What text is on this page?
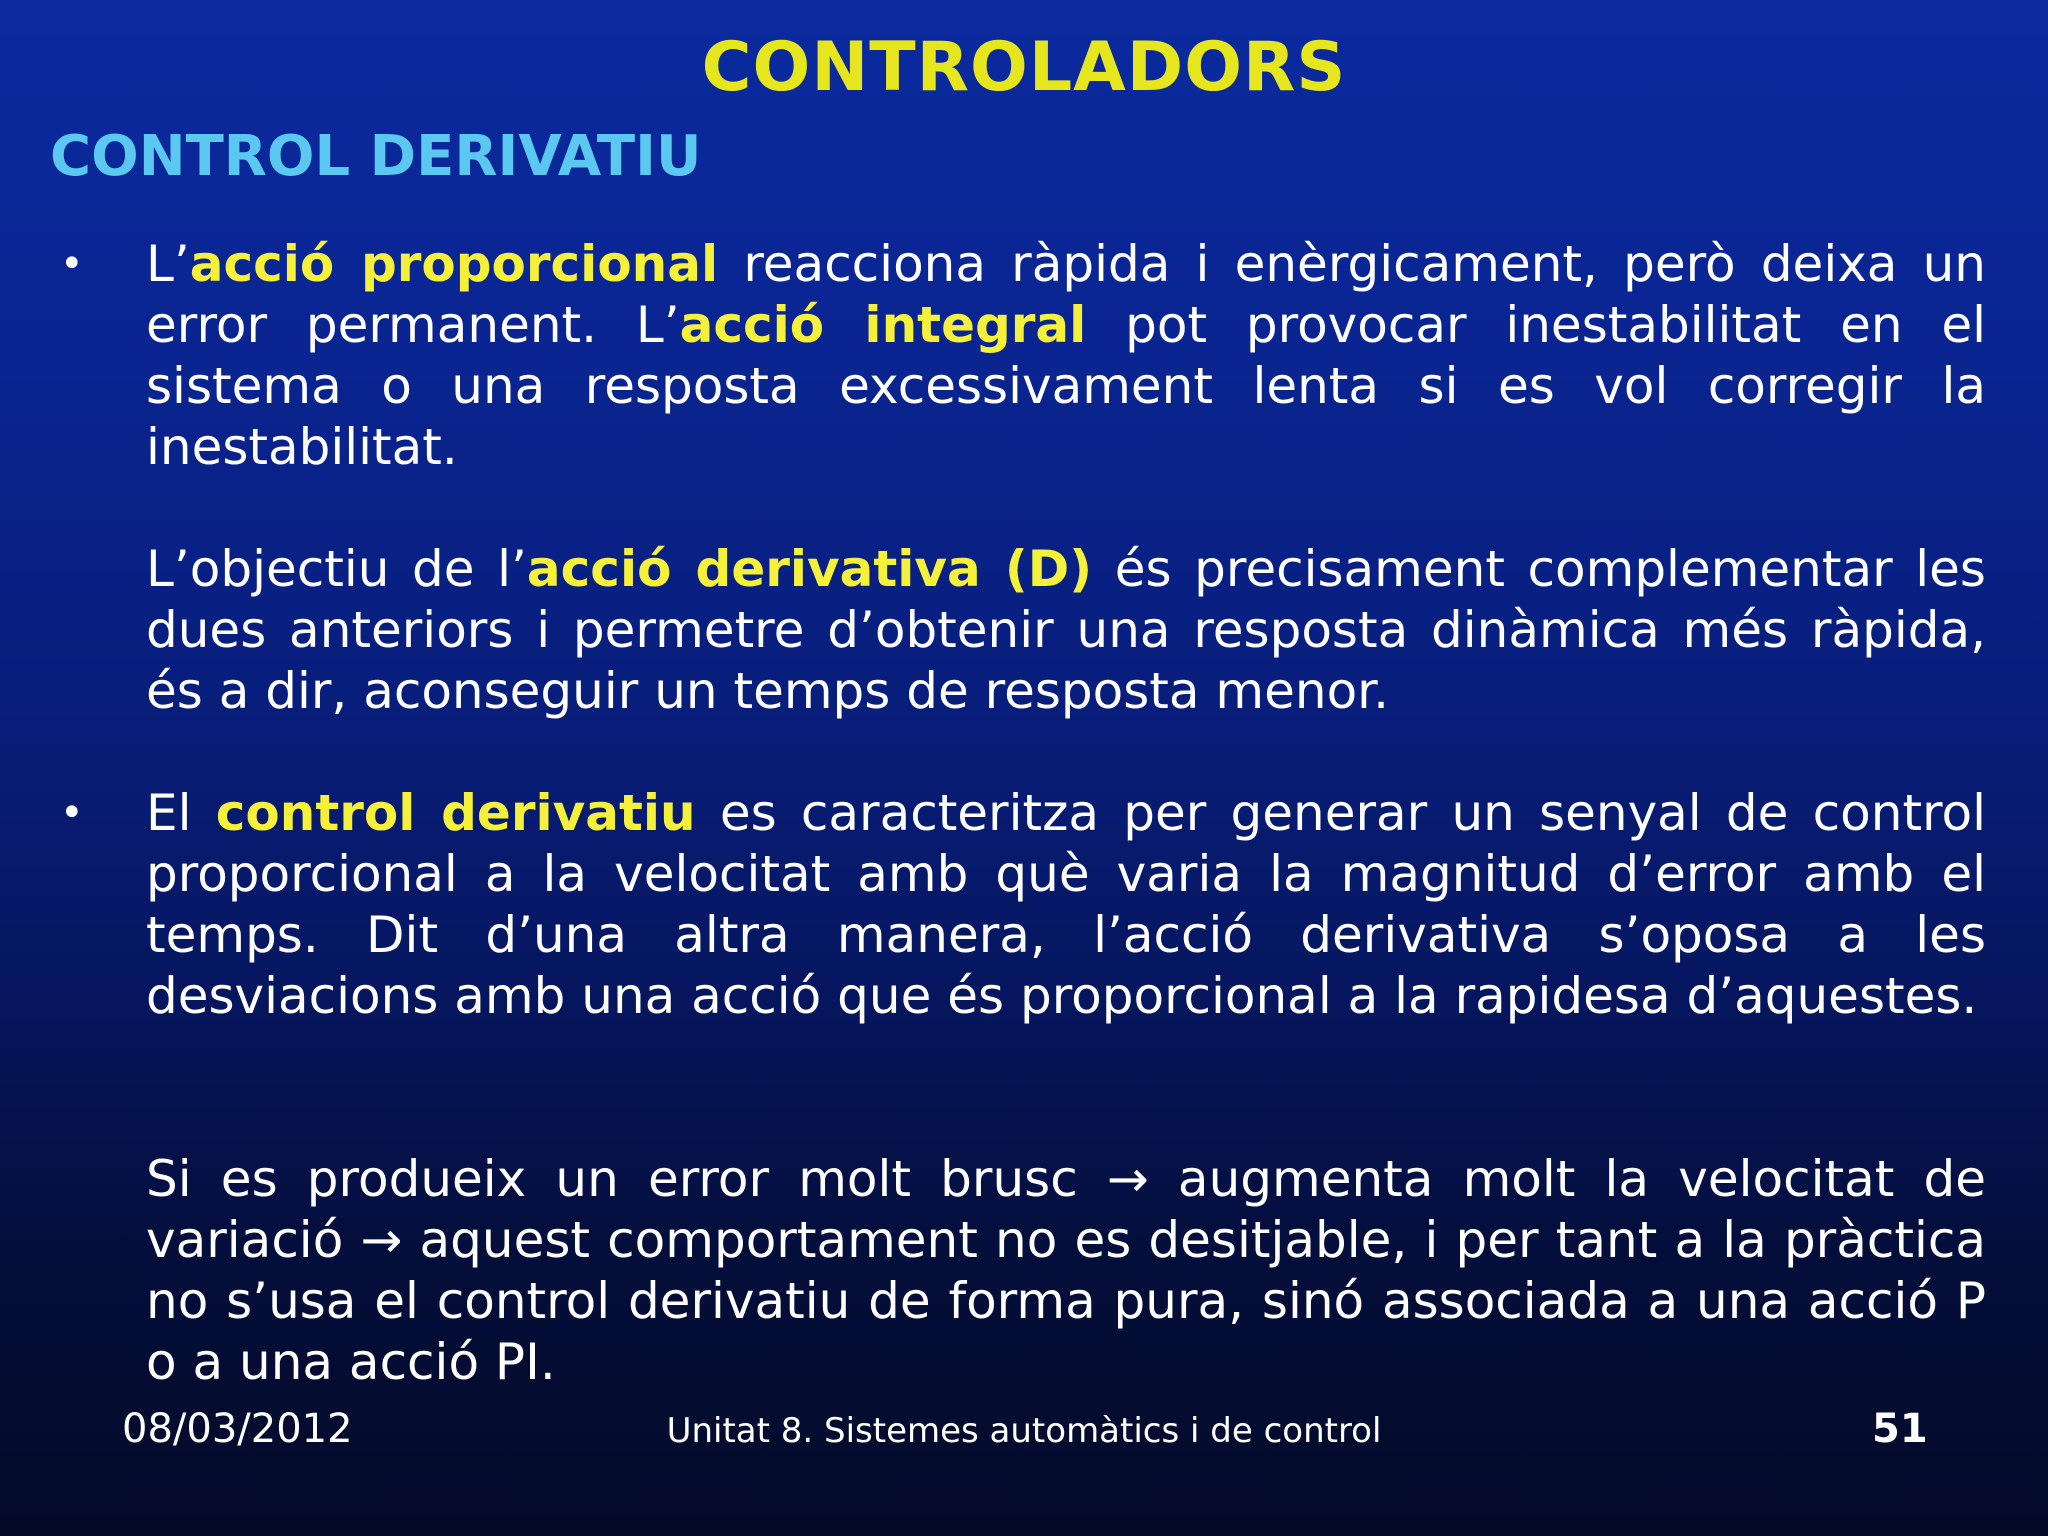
CONTROLADORS
CONTROL DERIVATIU
• L’acció proporcional reacciona ràpida i enèrgicament, però deixa un error permanent. L’acció integral pot provocar inestabilitat en el sistema o una resposta excessivament lenta si es vol corregir la inestabilitat.
L’objectiu de l’acció derivativa (D) és precisament complementar les dues anteriors i permetre d’obtenir una resposta dinàmica més ràpida, és a dir, aconseguir un temps de resposta menor.
• El control derivatiu es caracteritza per generar un senyal de control proporcional a la velocitat amb què varia la magnitud d’error amb el temps. Dit d’una altra manera, l’acció derivativa s’oposa a les desviacions amb una acció que és proporcional a la rapidesa d’aquestes.
Si es produeix un error molt brusc → augmenta molt la velocitat de variació → aquest comportament no es desitjable, i per tant a la pràctica no s’usa el control derivatiu de forma pura, sinó associada a una acció P o a una acció PI.
08/03/2012	Unitat 8. Sistemes automàtics i de control	51
